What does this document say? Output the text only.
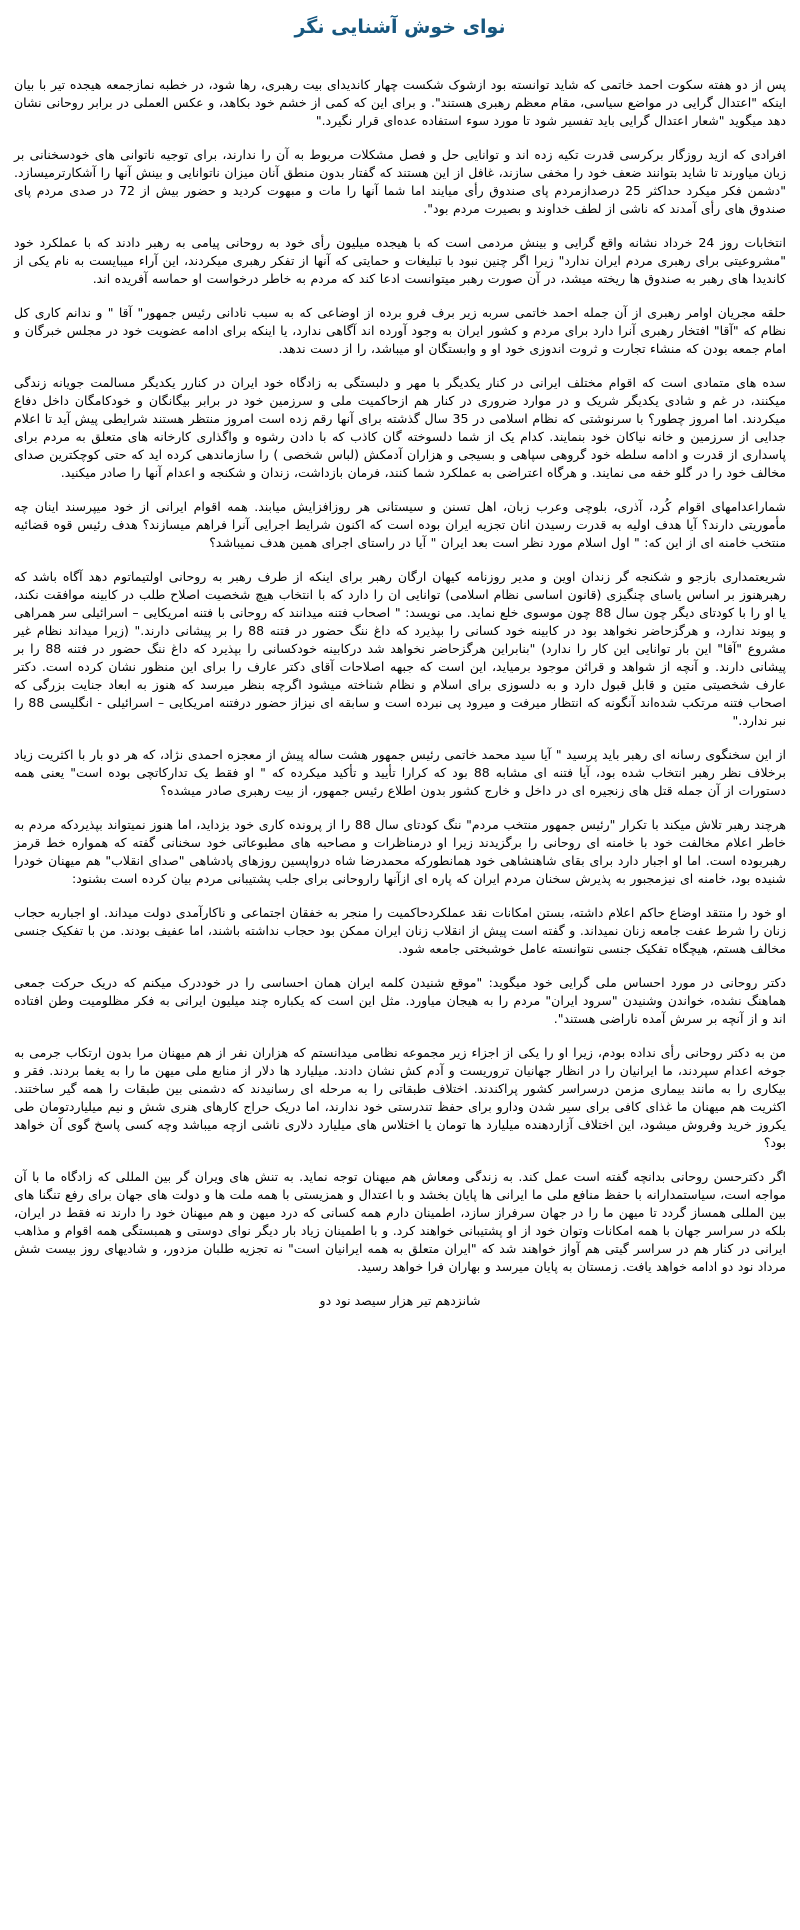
نوای خوش آشنایی نگر

پس از دو هفته سکوت احمد خاتمی که شاید توانسته بود ازشوک شکست چهار کاندیدای بیت رهبری، رها شود، در خطبه نمازجمعه هیجده تیر با بیان اینکه "اعتدال گرایی در مواضع سیاسی، مقام معظم رهبری هستند". و برای این که کمی از خشم خود بکاهد، و عکس العملی در برابر روحانی نشان دهد میگوید "شعار اعتدال گرایی باید تفسیر شود تا مورد سوء استفاده عده‌ای قرار نگیرد."

افرادی که ازید روزگار برکرسی قدرت تکیه زده اند و توانایی حل و فصل مشکلات مربوط به آن را ندارند، برای توجیه ناتوانی های خودسخنانی بر زبان میاورند تا شاید بتوانند ضعف خود را مخفی سازند، غافل از این هستند که گفتار بدون منطق آنان میزان ناتوانایی و بینش آنها را آشکارترمیسازد. "دشمن فکر میکرد حداکثر 25 درصدازمردم پای صندوق رأی میایند اما شما آنها را مات و مبهوت کردید و حضور بیش از 72 در صدی مردم پای صندوق های رأی آمدند که ناشی از لطف خداوند و بصیرت مردم بود".

انتخابات روز 24 خرداد نشانه واقع گرایی و بینش مردمی است که با هیجده میلیون رأی خود به روحانی پیامی به رهبر دادند که با عملکرد خود "مشروعیتی برای رهبری مردم ایران ندارد" زیرا اگر چنین نبود با تبلیغات و حمایتی که آنها از تفکر رهبری میکردند، این آراء میبایست به نام یکی از کاندیدا های رهبر به صندوق ها ریخته میشد، در آن صورت رهبر میتوانست ادعا کند که مردم به خاطر درخواست او حماسه آفریده اند.

حلقه مجریان اوامر رهبری از آن جمله احمد خاتمی سربه زیر برف فرو برده از اوضاعی که به سبب نادانی رئیس جمهور" آقا " و ندانم کاری کل نظام که "آقا" افتخار رهبری آنرا دارد برای مردم و کشور ایران به وجود آورده اند آگاهی ندارد، یا اینکه برای ادامه عضویت خود در مجلس خبرگان و امام جمعه بودن که منشاء تجارت و ثروت اندوزی خود او و وابستگان او میباشد، را از دست ندهد.

سده های متمادی است که اقوام مختلف ایرانی در کنار یکدیگر با مهر و دلبستگی به زادگاه خود ایران در کنارر یکدیگر مسالمت جویانه زندگی میکنند، در غم و شادی یکدیگر شریک و در موارد ضروری در کنار هم ازحاکمیت ملی و سرزمین خود در برابر بیگانگان و خودکامگان داخل دفاع میکردند. اما امروز چطور؟ با سرنوشتی که نظام اسلامی در 35 سال گذشته برای آنها رقم زده است امروز منتظر هستند شرایطی پیش آید تا اعلام جدایی از سرزمین و خانه نیاکان خود بنمایند. کدام یک از شما دلسوخته گان کاذب که با دادن رشوه و واگذاری کارخانه های متعلق به مردم برای پاسداری از قدرت و ادامه سلطه خود گروهی سپاهی و بسیجی و هزاران آدمکش (لباس شخصی ) را سازماندهی کرده اید که حتی کوچکترین صدای مخالف خود را در گلو خفه می نمایند. و هرگاه اعتراضی به عملکرد شما کنند، فرمان بازداشت، زندان و شکنجه و اعدام آنها را صادر میکنید.

شماراعدامهای اقوام کُرد، آذری، بلوچی وعرب زبان، اهل تسنن و سیستانی هر روزافزایش میابند. همه اقوام ایرانی از خود میپرسند اینان چه مأموریتی دارند؟ آیا هدف اولیه به قدرت رسیدن انان تجزیه ایران بوده است که اکنون شرایط اجرایی آنرا فراهم میسازند؟ هدف رئیس قوه قضائیه منتخب خامنه ای از این که: " اول اسلام مورد نظر است بعد ایران " آیا در راستای اجرای همین هدف نمیباشد؟

شریعتمداری بازجو و شکنجه گر زندان اوین و مدیر روزنامه کیهان ارگان رهبر برای اینکه از طرف رهبر به روحانی اولتیماتوم دهد آگاه باشد که رهبرهنوز بر اساس یاسای چنگیزی (قانون اساسی نظام اسلامی) توانایی ان را دارد که با انتخاب هیچ شخصیت اصلاح طلب در کابینه موافقت نکند، یا او را با کودتای دیگر چون سال 88 چون موسوی خلع نماید. می نویسد: " اصحاب فتنه میدانند که روحانی با فتنه امریکایی – اسرائیلی سر همراهی و پیوند ندارد، و هرگزحاضر نخواهد بود در کابینه خود کسانی را بپذیرد که داغ ننگ حضور در فتنه 88 را بر پیشانی دارند." (زیرا میداند نظام غیر مشروع "آقا" این بار توانایی این کار را ندارد) "بنابراین هرگزحاضر نخواهد شد درکابینه خودکسانی را بپذیرد که داغ ننگ حضور در فتنه 88 را بر پیشانی دارند. و آنچه از شواهد و قرائن موجود برمیاید، این است که جبهه اصلاحات آقای دکتر عارف را برای این منظور نشان کرده است. دکتر عارف شخصیتی متین و قابل قبول دارد و به دلسوزی برای اسلام و نظام شناخته میشود اگرچه بنظر میرسد که هنوز به ابعاد جنایت بزرگی که اصحاب فتنه مرتکب شده‌اند آنگونه که انتظار میرفت و میرود پی نبرده است و سابقه ای نیزاز حضور درفتنه امریکایی – اسرائیلی - انگلیسی 88 را نبر ندارد."

از این سخنگوی رسانه ای رهبر باید پرسید " آیا سید محمد خاتمی رئیس جمهور هشت ساله پیش از معجزه احمدی نژاد، که هر دو بار با اکثریت زیاد برخلاف نظر رهبر انتخاب شده بود، آیا فتنه ای مشابه 88 بود که کرارا تأیید و تأکید میکرده که " او فقط یک تدارکاتچی بوده است" یعنی همه دستورات از آن جمله قتل های زنجیره ای در داخل و خارج کشور بدون اطلاع رئیس جمهور، از بیت رهبری صادر میشده؟

هرچند رهبر تلاش میکند با تکرار "رئیس جمهور منتخب مردم" ننگ کودتای سال 88 را از پرونده کاری خود بزداید، اما هنوز نمیتواند بپذیردکه مردم به خاطر اعلام مخالفت خود با خامنه ای روحانی را برگزیدند زیرا او درمناظرات و مصاحبه های مطبوعاتی خود سخنانی گفته که همواره خط قرمز رهبربوده است. اما او اجبار دارد برای بقای شاهنشاهی خود همانطورکه محمدرضا شاه درواپسین روزهای پادشاهی "صدای انقلاب" هم میهنان خودرا شنیده بود، خامنه ای نیزمجبور به پذیرش سخنان مردم ایران که پاره ای ازآنها راروحانی برای جلب پشتیبانی مردم بیان کرده است بشنود:

او خود را منتقد اوضاع حاکم اعلام داشته، بستن امکانات نقد عملکردحاکمیت را منجر به خفقان اجتماعی و ناکارآمدی دولت میداند. او اجباربه حجاب زنان را شرط عفت جامعه زنان نمیداند. و گفته است پیش از انقلاب زنان ایران ممکن بود حجاب نداشته باشند، اما عفیف بودند. من با تفکیک جنسی مخالف هستم، هیچگاه تفکیک جنسی نتوانسته عامل خوشبختی جامعه شود.

دکتر روحانی در مورد احساس ملی گرایی خود میگوید: "موقع شنیدن کلمه ایران همان احساسی را در خوددرک میکنم که دریک حرکت جمعی هماهنگ نشده، خواندن وشنیدن "سرود ایران" مردم را به هیجان میاورد. مثل این است که یکباره چند میلیون ایرانی به فکر مظلومیت وطن افتاده اند و از آنچه بر سرش آمده ناراضی هستند".

من به دکتر روحانی رأی نداده بودم، زیرا او را یکی از اجزاء زیر مجموعه نظامی میدانستم که هزاران نفر از هم میهنان مرا بدون ارتکاب جرمی به جوخه اعدام سپردند، ما ایرانیان را در انظار جهانیان تروریست و آدم کش نشان دادند. میلیارد ها دلار از منابع ملی میهن ما را به یغما بردند. فقر و بیکاری را به مانند بیماری مزمن درسراسر کشور پراکندند. اختلاف طبقاتی را به مرحله ای رسانیدند که دشمنی بین طبقات را همه گیر ساختند. اکثریت هم میهنان ما غذای کافی برای سیر شدن ودارو برای حفظ تندرستی خود ندارند، اما دریک حراج کارهای هنری شش و نیم میلیاردتومان طی یکروز خرید وفروش میشود، این اختلاف آزاردهنده میلیارد ها تومان یا اختلاس های میلیارد دلاری ناشی ازچه میباشد وچه کسی پاسخ گوی آن خواهد بود؟

اگر دکترحسن روحانی بدانچه گفته است عمل کند. به زندگی ومعاش هم میهنان توجه نماید. به تنش های ویران گر بین المللی که زادگاه ما با آن مواجه است، سیاستمدارانه با حفظ منافع ملی ما ایرانی ها پایان بخشد و با اعتدال و همزیستی با همه ملت ها و دولت های جهان برای رفع تنگنا های بین المللی همساز گردد تا میهن ما را در جهان سرفراز سازد، اطمینان دارم همه کسانی که درد میهن و هم میهنان خود را دارند نه فقط در ایران، بلکه در سراسر جهان با همه امکانات وتوان خود از او پشتیبانی خواهند کرد. و با اطمینان زیاد بار دیگر نوای دوستی و همبستگی همه اقوام و مذاهب ایرانی در کنار هم در سراسر گیتی هم آواز خواهند شد که "ایران متعلق به همه ایرانیان است" نه تجزیه طلبان مزدور، و شادیهای روز بیست شش مرداد نود دو ادامه خواهد یافت. زمستان به پایان میرسد و بهاران فرا خواهد رسید.

شانزدهم تیر هزار سیصد نود دو
